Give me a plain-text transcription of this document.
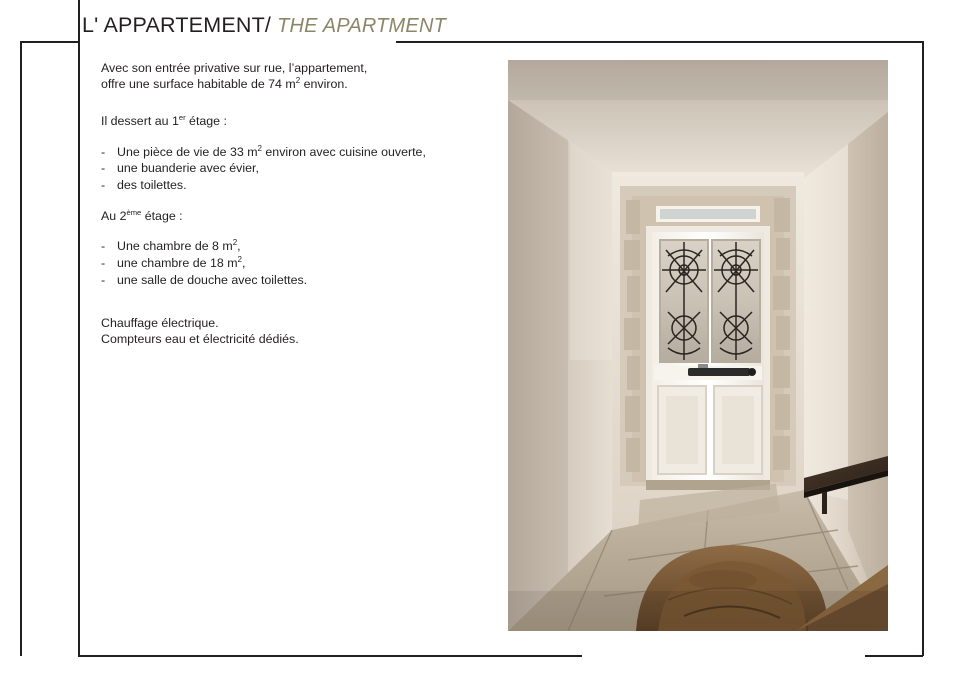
L' APPARTEMENT/ THE APARTMENT
Avec son entrée privative sur rue, l’appartement,
offre une surface habitable de 74 $m^2$ environ.
Il dessert au 1er étage :
- Une pièce de vie de 33 $m^2$ environ avec cuisine ouverte,
- une buanderie avec évier,
- des toilettes.
Au 2ème étage :
- Une chambre de 8 $m^2$,
- une chambre de 18 $m^2$,
- une salle de douche avec toilettes.
Chauffage électrique.
Compteurs eau et électricité dédiés.
